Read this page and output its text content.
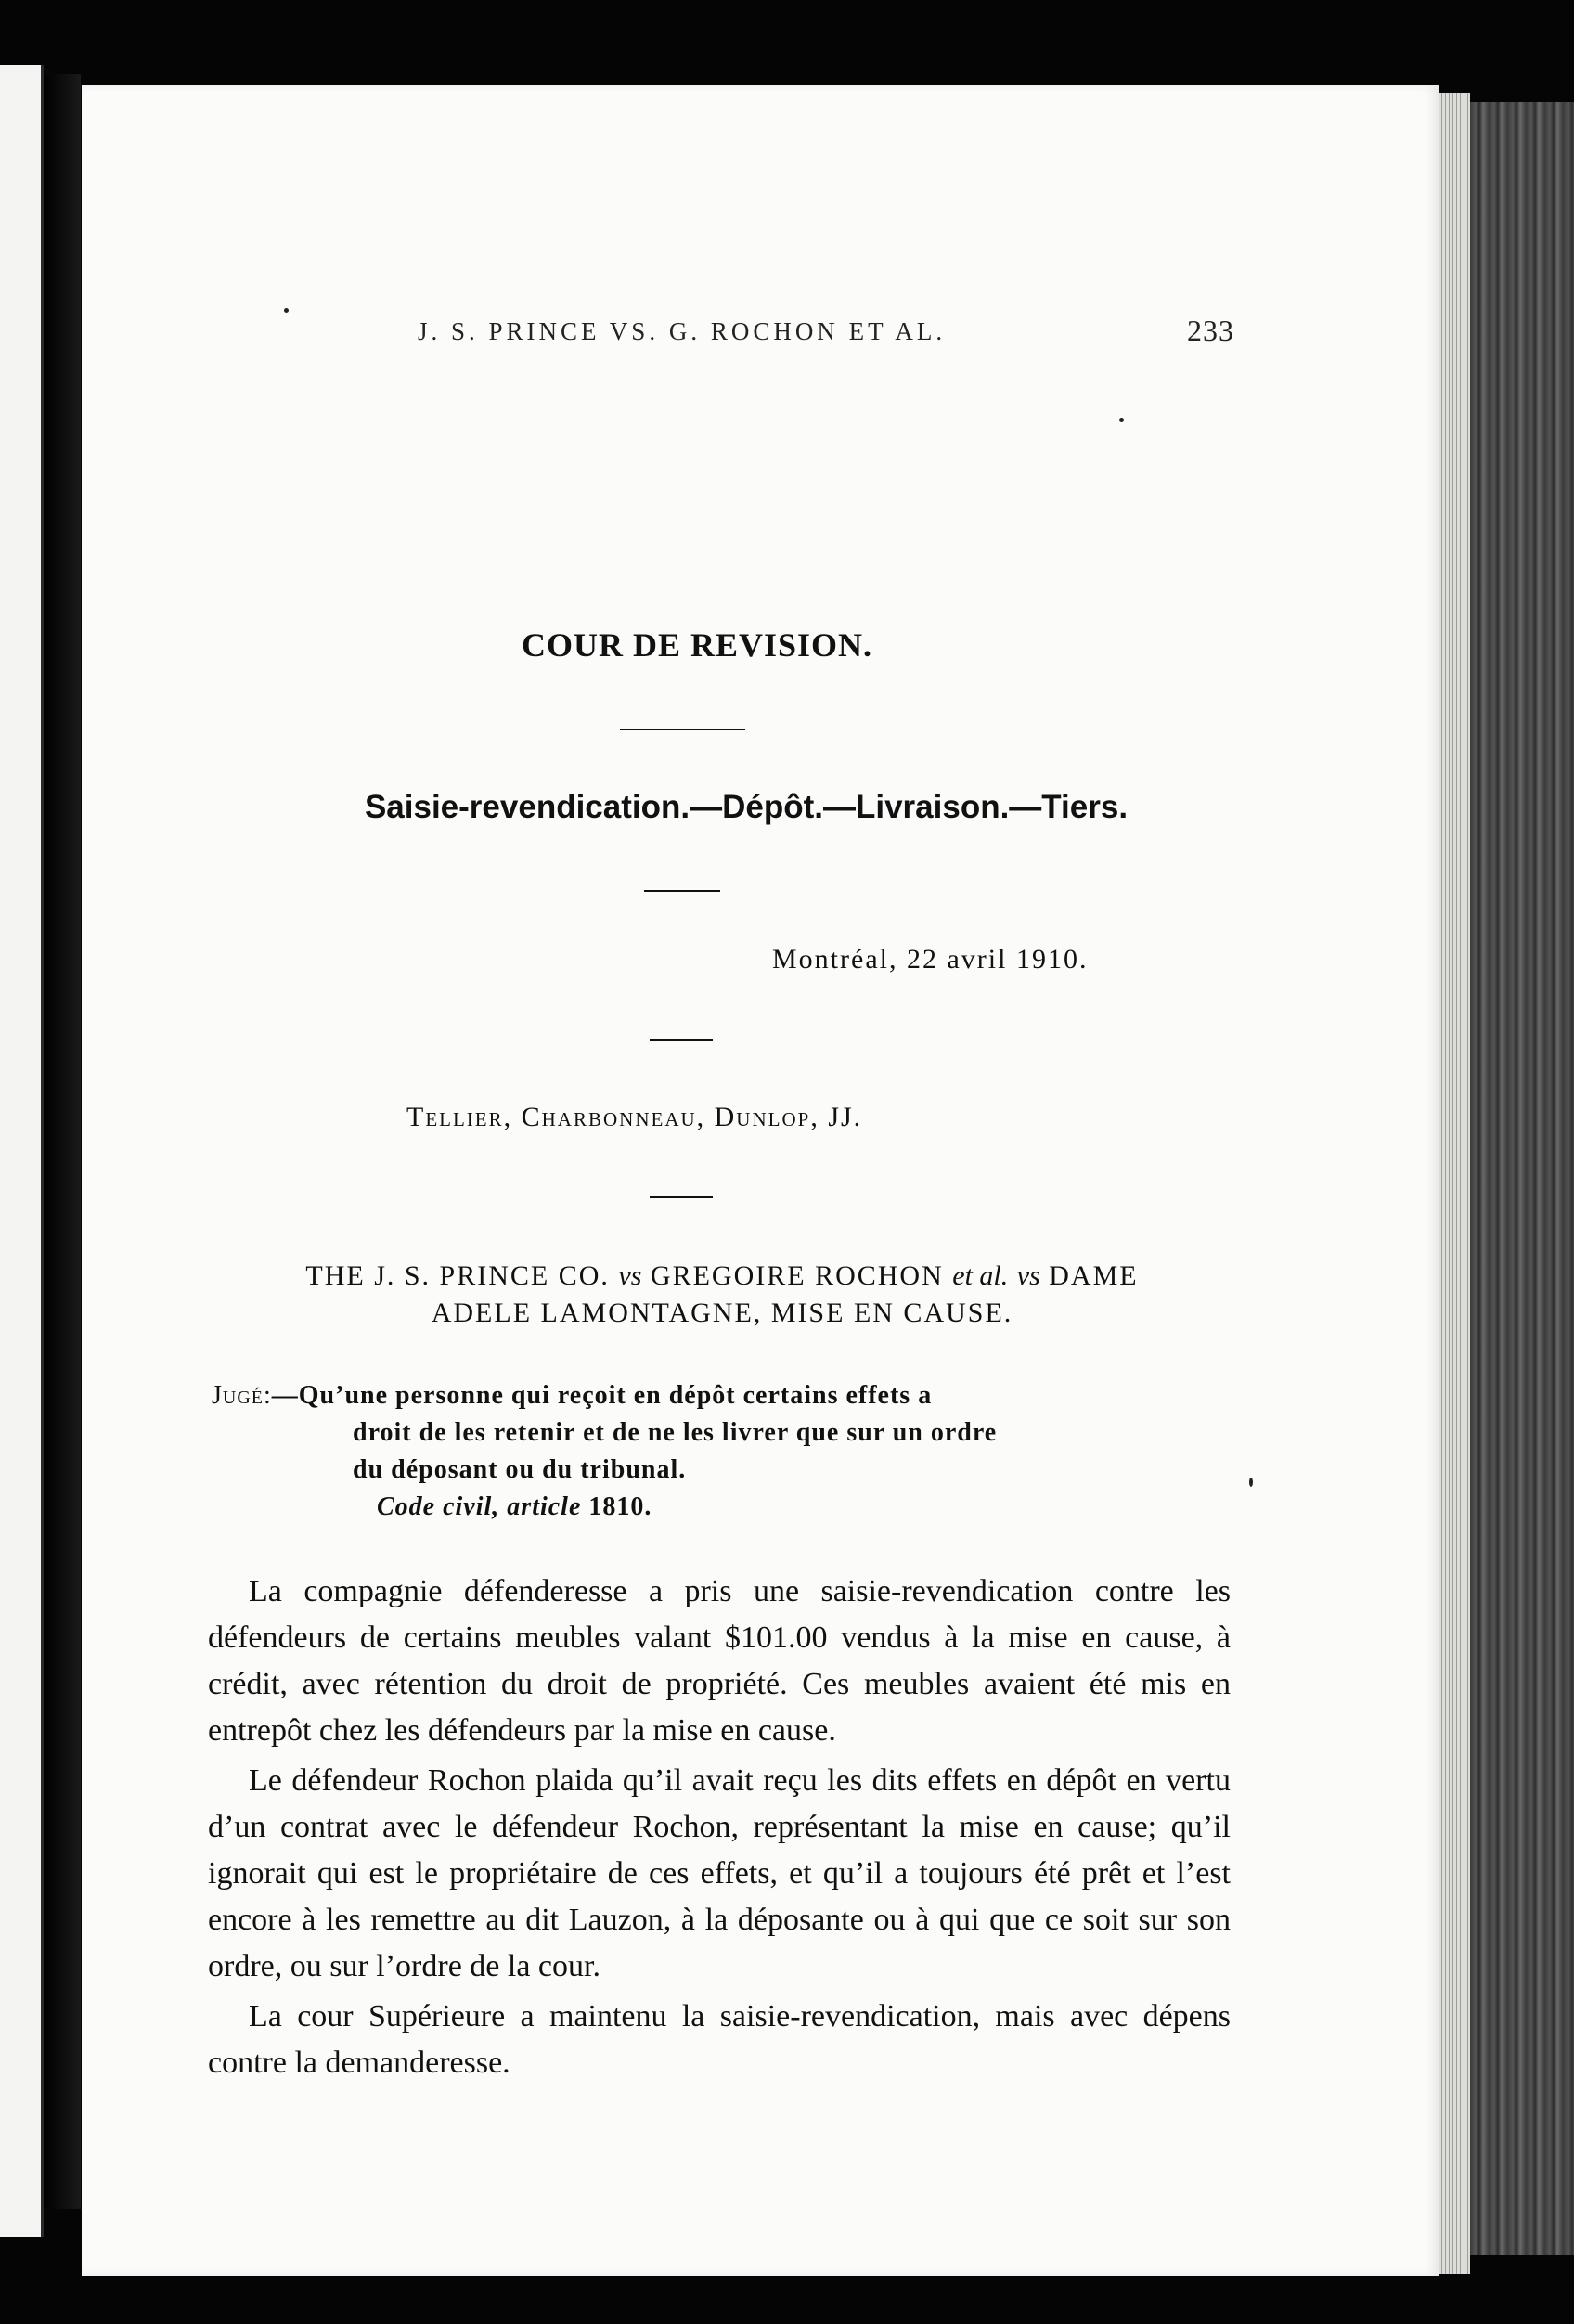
J. S. PRINCE VS. G. ROCHON ET AL.	233
COUR DE REVISION.
Saisie-revendication.—Dépôt.—Livraison.—Tiers.
Montréal, 22 avril 1910.
Tellier, Charbonneau, Dunlop, JJ.
THE J. S. PRINCE CO. vs GREGOIRE ROCHON et al. vs DAME
ADELE LAMONTAGNE, MISE EN CAUSE.
Jugé:—Qu’une personne qui reçoit en dépôt certains effets a
droit de les retenir et de ne les livrer que sur un ordre
du déposant ou du tribunal.
Code civil, article 1810.

La compagnie défenderesse a pris une saisie-revendication contre les défendeurs de certains meubles valant $101.00 vendus à la mise en cause, à crédit, avec rétention du droit de propriété. Ces meubles avaient été mis en entrepôt chez les défendeurs par la mise en cause.

Le défendeur Rochon plaida qu’il avait reçu les dits effets en dépôt en vertu d’un contrat avec le défendeur Rochon, représentant la mise en cause; qu’il ignorait qui est le propriétaire de ces effets, et qu’il a toujours été prêt et l’est encore à les remettre au dit Lauzon, à la déposante ou à qui que ce soit sur son ordre, ou sur l’ordre de la cour.

La cour Supérieure a maintenu la saisie-revendication, mais avec dépens contre la demanderesse.
